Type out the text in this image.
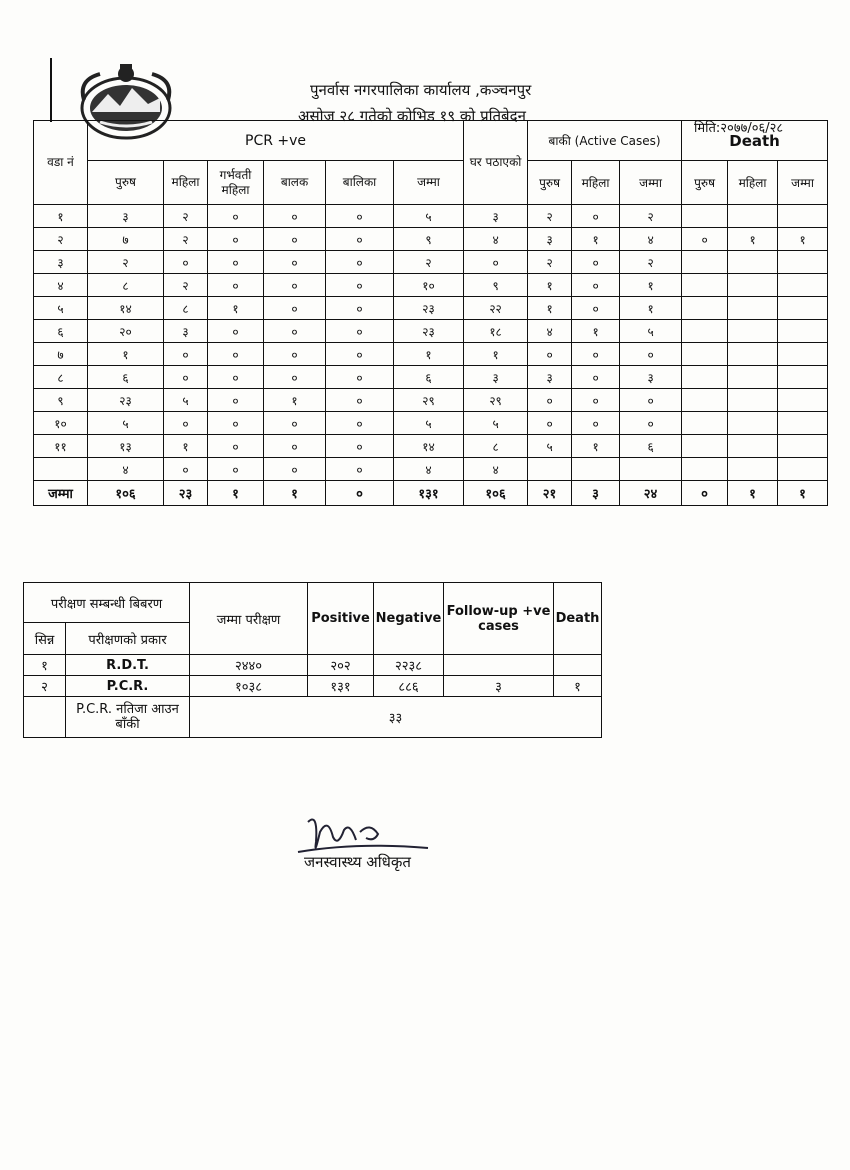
पुनर्वास नगरपालिका कार्यालय ,कञ्चनपुर
असोज २८ गतेको कोभिड १९ को प्रतिबेदन
मिति:२०७७/०६/२८
वडा नं	PCR +ve						घर पठाएको	बाकी (Active Cases)			Death		
	पुरुष	महिला	गर्भवती महिला	बालक	बालिका	जम्मा		पुरुष	महिला	जम्मा	पुरुष	महिला	जम्मा
१	३	२	०	०	०	५	३	२	०	२			
२	७	२	०	०	०	९	४	३	१	४	०	१	१
३	२	०	०	०	०	२	०	२	०	२			
४	८	२	०	०	०	१०	९	१	०	१			
५	१४	८	१	०	०	२३	२२	१	०	१			
६	२०	३	०	०	०	२३	१८	४	१	५			
७	१	०	०	०	०	१	१	०	०	०			
८	६	०	०	०	०	६	३	३	०	३			
९	२३	५	०	१	०	२९	२९	०	०	०			
१०	५	०	०	०	०	५	५	०	०	०			
११	१३	१	०	०	०	१४	८	५	१	६			
	४	०	०	०	०	४	४						
जम्मा	१०६	२३	१	१	०	१३१	१०६	२१	३	२४	०	१	१
परीक्षण सम्बन्धी बिबरण		जम्मा परीक्षण	Positive	Negative	Follow-up +ve cases	Death
सिन्न	परीक्षणको प्रकार					
१	R.D.T.	२४४०	२०२	२२३८		
२	P.C.R.	१०३८	१३१	८८६	३	१
	P.C.R. नतिजा आउन बाँकी	३३				
जनस्वास्थ्य अधिकृत
